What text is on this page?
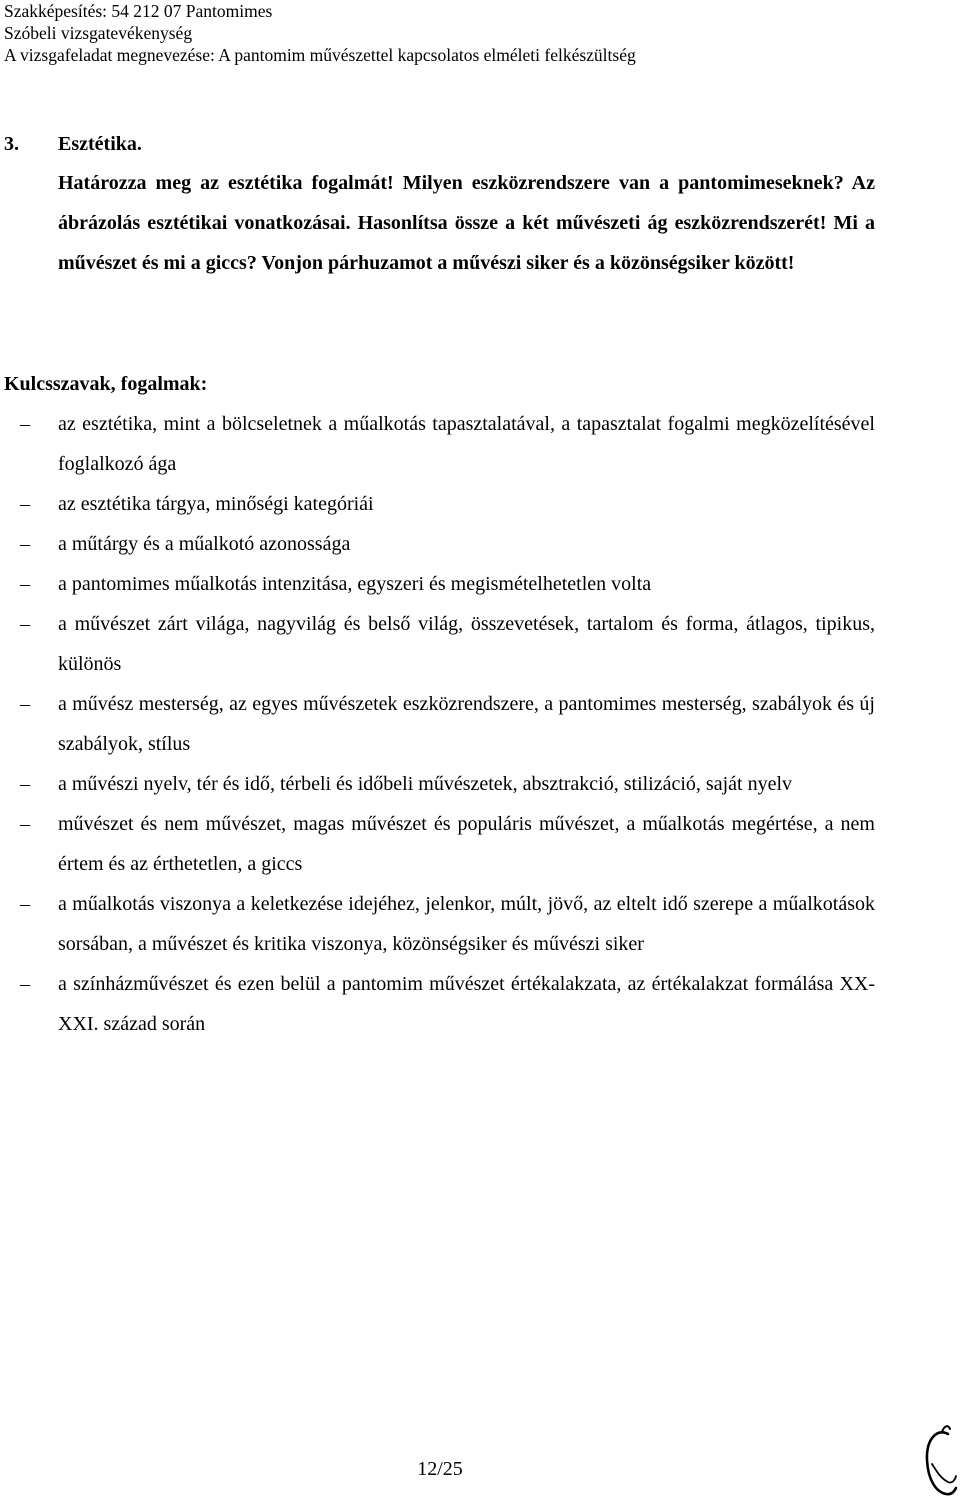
Szakképesítés: 54 212 07 Pantomimes
Szóbeli vizsgatevékenység
A vizsgafeladat megnevezése: A pantomim művészettel kapcsolatos elméleti felkészültség
3. Esztétika.
Határozza meg az esztétika fogalmát! Milyen eszközrendszere van a pantomimeseknek? Az ábrázolás esztétikai vonatkozásai. Hasonlítsa össze a két művészeti ág eszközrendszerét! Mi a művészet és mi a giccs? Vonjon párhuzamot a művészi siker és a közönségsiker között!
Kulcsszavak, fogalmak:
– az esztétika, mint a bölcseletnek a műalkotás tapasztalatával, a tapasztalat fogalmi megközelítésével foglalkozó ága
– az esztétika tárgya, minőségi kategóriái
– a műtárgy és a műalkotó azonossága
– a pantomimes műalkotás intenzitása, egyszeri és megismételhetetlen volta
– a művészet zárt világa, nagyvilág és belső világ, összevetések, tartalom és forma, átlagos, tipikus, különös
– a művész mesterség, az egyes művészetek eszközrendszere, a pantomimes mesterség, szabályok és új szabályok, stílus
– a művészi nyelv, tér és idő, térbeli és időbeli művészetek, absztrakció, stilizáció, saját nyelv
– művészet és nem művészet, magas művészet és populáris művészet, a műalkotás megértése, a nem értem és az érthetetlen, a giccs
– a műalkotás viszonya a keletkezése idejéhez, jelenkor, múlt, jövő, az eltelt idő szerepe a műalkotások sorsában, a művészet és kritika viszonya, közönségsiker és művészi siker
– a színházművészet és ezen belül a pantomim művészet értékalakzata, az értékalakzat formálása XX-XXI. század során
12/25
